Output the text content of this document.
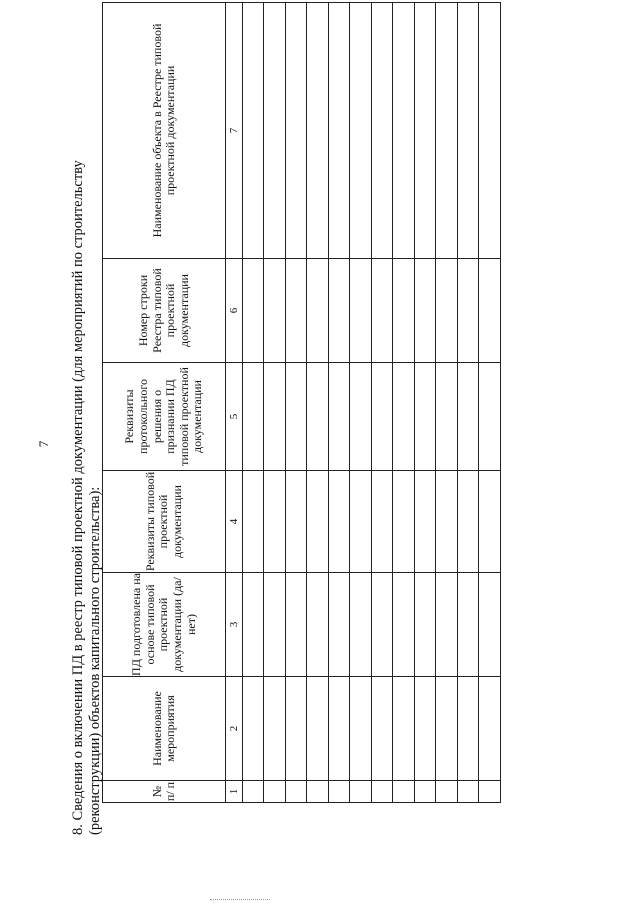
7 8. Сведения о включении ПД в реестр типовой проектной документации (для мероприятий по строительству (реконструкции) объектов капитального строительства):	№ п/ п	Наименование мероприятия	ПД подготовлена на основе типовой проектной документации (да/нет)	Реквизиты типовой проектной документации	Реквизиты протокольного решения о признании ПД типовой проектной документации	Номер строки Реестра типовой проектной документации	Наименование объекта в Реестре типовой проектной документации
1	2	3	4	5	6	7
